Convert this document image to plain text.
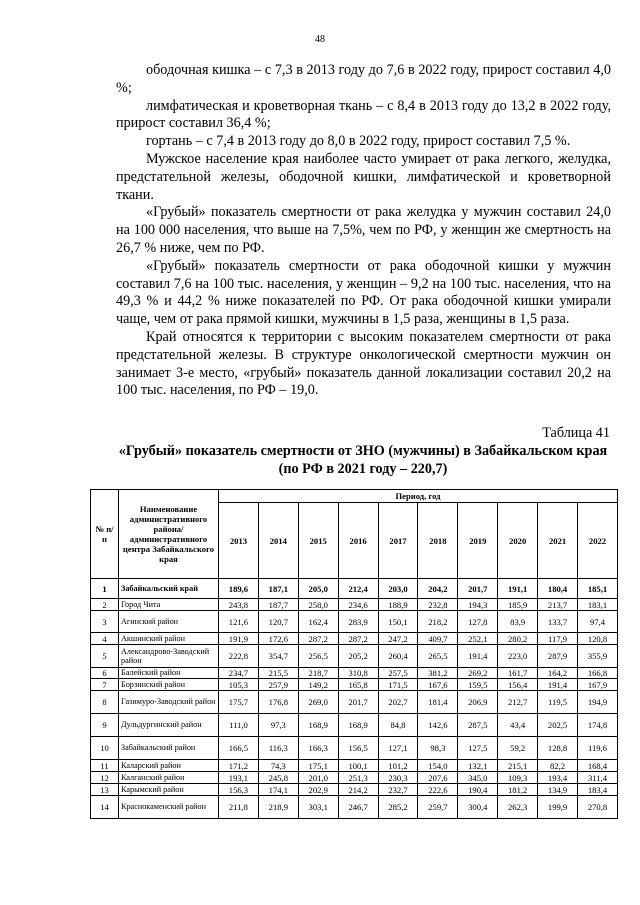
48

ободочная кишка – с 7,3 в 2013 году до 7,6 в 2022 году, прирост составил 4,0 %;

лимфатическая и кроветворная ткань – с 8,4 в 2013 году до 13,2 в 2022 году, прирост составил 36,4 %;

гортань – с 7,4 в 2013 году до 8,0 в 2022 году, прирост составил 7,5 %.

Мужское население края наиболее часто умирает от рака легкого, желудка, предстательной железы, ободочной кишки, лимфатической и кроветворной ткани.

«Грубый» показатель смертности от рака желудка у мужчин составил 24,0 на 100 000 населения, что выше на 7,5%, чем по РФ, у женщин же смертность на 26,7 % ниже, чем по РФ.

«Грубый» показатель смертности от рака ободочной кишки у мужчин составил 7,6 на 100 тыс. населения, у женщин – 9,2 на 100 тыс. населения, что на 49,3 % и 44,2 % ниже показателей по РФ. От рака ободочной кишки умирали чаще, чем от рака прямой кишки, мужчины в 1,5 раза, женщины в 1,5 раза.

Край относятся к территории с высоким показателем смертности от рака предстательной железы. В структуре онкологической смертности мужчин он занимает 3-е место, «грубый» показатель данной локализации составил 20,2 на 100 тыс. населения, по РФ – 19,0.

Таблица 41
«Грубый» показатель смертности от ЗНО (мужчины) в Забайкальском края (по РФ в 2021 году – 220,7)
№ п/п	Наименование административного района/ административного центра Забайкальского края	Период, год									
		2013	2014	2015	2016	2017	2018	2019	2020	2021	2022
1	Забайкальский край	189,6	187,1	205,0	212,4	203,0	204,2	201,7	191,1	180,4	185,1
2	Город Чита	243,8	187,7	258,0	234,6	188,9	232,8	194,3	185,9	213,7	183,1
3	Агинский район	121,6	120,7	162,4	283,9	150,1	218,2	127,8	83,9	133,7	97,4
4	Акшинский район	191,9	172,6	287,2	287,2	247,2	409,7	252,1	280,2	117,9	120,8
5	Александрово-Заводский район	222,8	354,7	256,5	205,2	260,4	265,5	191,4	223,0	287,9	355,9
6	Балейский район	234,7	215,5	218,7	310,8	257,5	381,2	269,2	161,7	164,2	166,8
7	Борзинский район	105,3	257,9	149,2	165,8	171,5	167,6	159,5	156,4	191,4	167,9
8	Газимуро-Заводский район	175,7	176,8	269,0	201,7	202,7	181,4	206,9	212,7	119,5	194,9
9	Дульдургинский район	111,0	97,3	168,9	168,9	84,8	142,6	287,5	43,4	202,5	174,8
10	Забайкальский район	166,5	116,3	166,3	156,5	127,1	98,3	127,5	59,2	128,8	119,6
11	Каларский район	171,2	74,3	175,1	100,1	101,2	154,0	132,1	215,1	82,2	168,4
12	Калганский район	193,1	245,8	201,0	251,3	230,3	207,6	345,0	109,3	193,4	311,4
13	Карымский район	156,3	174,1	202,9	214,2	232,7	222,6	190,4	181,2	134,9	183,4
14	Краснокаменский район	211,8	218,9	303,1	246,7	285,2	259,7	300,4	262,3	199,9	270,8
